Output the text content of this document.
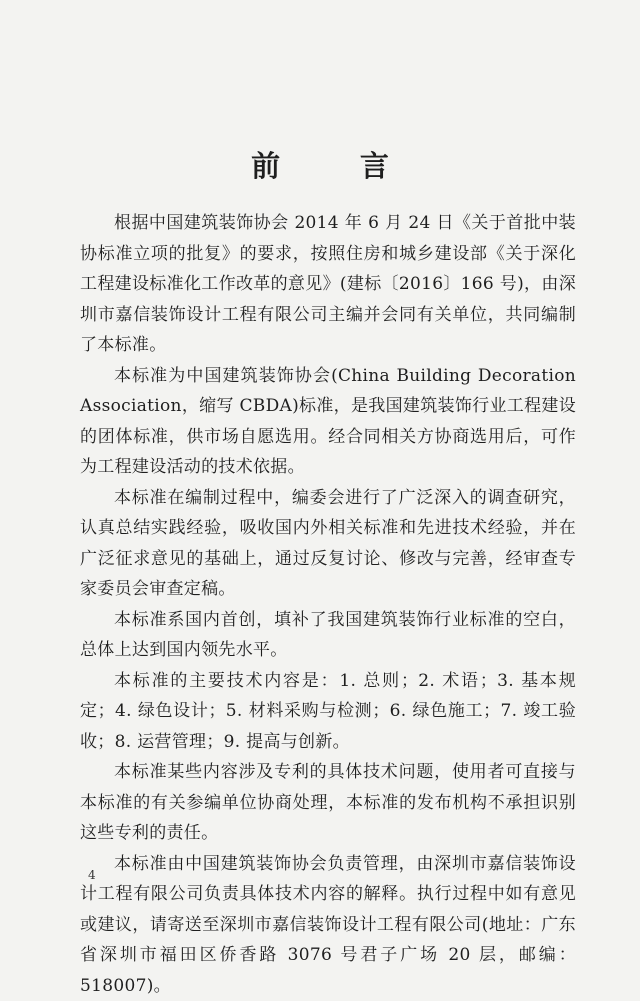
前 言

根据中国建筑装饰协会 2014 年 6 月 24 日《关于首批中装协标准立项的批复》的要求，按照住房和城乡建设部《关于深化工程建设标准化工作改革的意见》(建标〔2016〕166 号)，由深圳市嘉信装饰设计工程有限公司主编并会同有关单位，共同编制了本标准。

本标准为中国建筑装饰协会(China Building Decoration Association，缩写 CBDA)标准，是我国建筑装饰行业工程建设的团体标准，供市场自愿选用。经合同相关方协商选用后，可作为工程建设活动的技术依据。

本标准在编制过程中，编委会进行了广泛深入的调查研究，认真总结实践经验，吸收国内外相关标准和先进技术经验，并在广泛征求意见的基础上，通过反复讨论、修改与完善，经审查专家委员会审查定稿。

本标准系国内首创，填补了我国建筑装饰行业标准的空白，总体上达到国内领先水平。

本标准的主要技术内容是：1. 总则；2. 术语；3. 基本规定；4. 绿色设计；5. 材料采购与检测；6. 绿色施工；7. 竣工验收；8. 运营管理；9. 提高与创新。

本标准某些内容涉及专利的具体技术问题，使用者可直接与本标准的有关参编单位协商处理，本标准的发布机构不承担识别这些专利的责任。

本标准由中国建筑装饰协会负责管理，由深圳市嘉信装饰设计工程有限公司负责具体技术内容的解释。执行过程中如有意见或建议，请寄送至深圳市嘉信装饰设计工程有限公司(地址：广东省深圳市福田区侨香路 3076 号君子广场 20 层，邮编：518007)。

4
